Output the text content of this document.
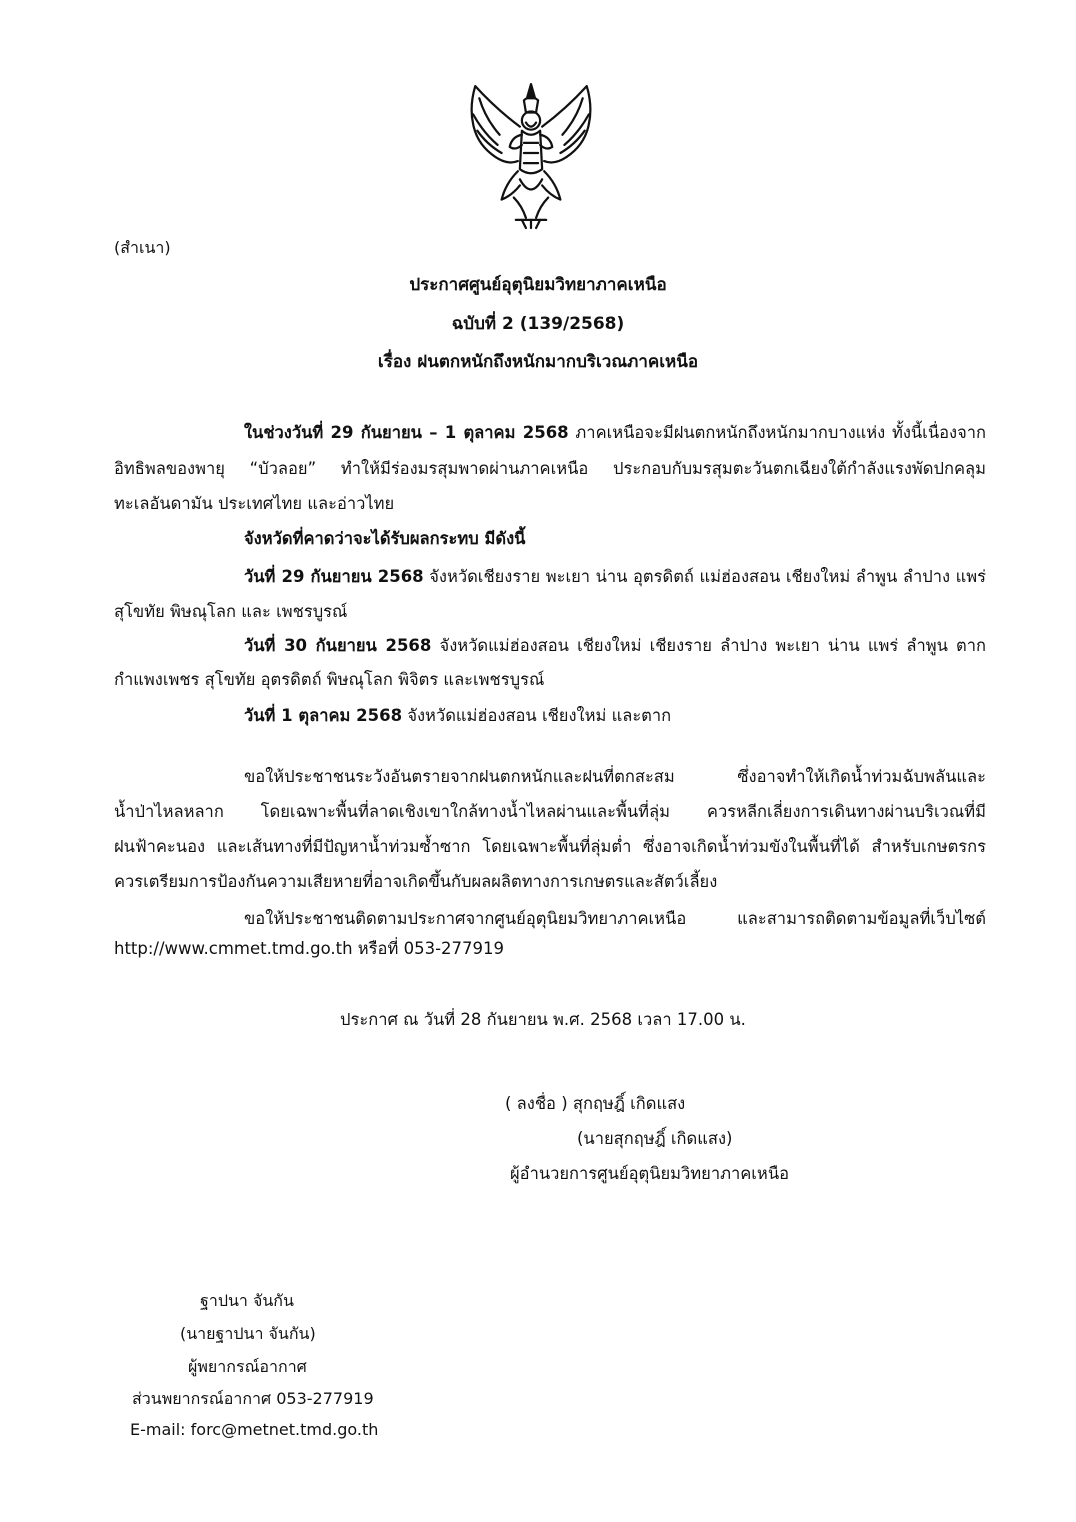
(สำเนา)
ประกาศศูนย์อุตุนิยมวิทยาภาคเหนือ
ฉบับที่ 2 (139/2568)
เรื่อง ฝนตกหนักถึงหนักมากบริเวณภาคเหนือ
ในช่วงวันที่ 29 กันยายน – 1 ตุลาคม 2568 ภาคเหนือจะมีฝนตกหนักถึงหนักมากบางแห่ง ทั้งนี้เนื่องจาก
อิทธิพลของพายุ “บัวลอย” ทำให้มีร่องมรสุมพาดผ่านภาคเหนือ ประกอบกับมรสุมตะวันตกเฉียงใต้กำลังแรงพัดปกคลุม
ทะเลอันดามัน ประเทศไทย และอ่าวไทย
จังหวัดที่คาดว่าจะได้รับผลกระทบ มีดังนี้
วันที่ 29 กันยายน 2568 จังหวัดเชียงราย พะเยา น่าน อุตรดิตถ์ แม่ฮ่องสอน เชียงใหม่ ลำพูน ลำปาง แพร่
สุโขทัย พิษณุโลก และ เพชรบูรณ์
วันที่ 30 กันยายน 2568 จังหวัดแม่ฮ่องสอน เชียงใหม่ เชียงราย ลำปาง พะเยา น่าน แพร่ ลำพูน ตาก
กำแพงเพชร สุโขทัย อุตรดิตถ์ พิษณุโลก พิจิตร และเพชรบูรณ์
วันที่ 1 ตุลาคม 2568 จังหวัดแม่ฮ่องสอน เชียงใหม่ และตาก
ขอให้ประชาชนระวังอันตรายจากฝนตกหนักและฝนที่ตกสะสม ซึ่งอาจทำให้เกิดน้ำท่วมฉับพลันและ
น้ำป่าไหลหลาก โดยเฉพาะพื้นที่ลาดเชิงเขาใกล้ทางน้ำไหลผ่านและพื้นที่ลุ่ม ควรหลีกเลี่ยงการเดินทางผ่านบริเวณที่มี
ฝนฟ้าคะนอง และเส้นทางที่มีปัญหาน้ำท่วมซ้ำซาก โดยเฉพาะพื้นที่ลุ่มต่ำ ซึ่งอาจเกิดน้ำท่วมขังในพื้นที่ได้ สำหรับเกษตรกร
ควรเตรียมการป้องกันความเสียหายที่อาจเกิดขึ้นกับผลผลิตทางการเกษตรและสัตว์เลี้ยง
ขอให้ประชาชนติดตามประกาศจากศูนย์อุตุนิยมวิทยาภาคเหนือ และสามารถติดตามข้อมูลที่เว็บไซต์
http://www.cmmet.tmd.go.th หรือที่ 053-277919
ประกาศ ณ วันที่ 28 กันยายน พ.ศ. 2568 เวลา 17.00 น.
( ลงชื่อ ) สุกฤษฎิ์ เกิดแสง
(นายสุกฤษฎิ์ เกิดแสง)
ผู้อำนวยการศูนย์อุตุนิยมวิทยาภาคเหนือ
ฐาปนา จันกัน
(นายฐาปนา จันกัน)
ผู้พยากรณ์อากาศ
ส่วนพยากรณ์อากาศ 053-277919
E-mail: forc@metnet.tmd.go.th
